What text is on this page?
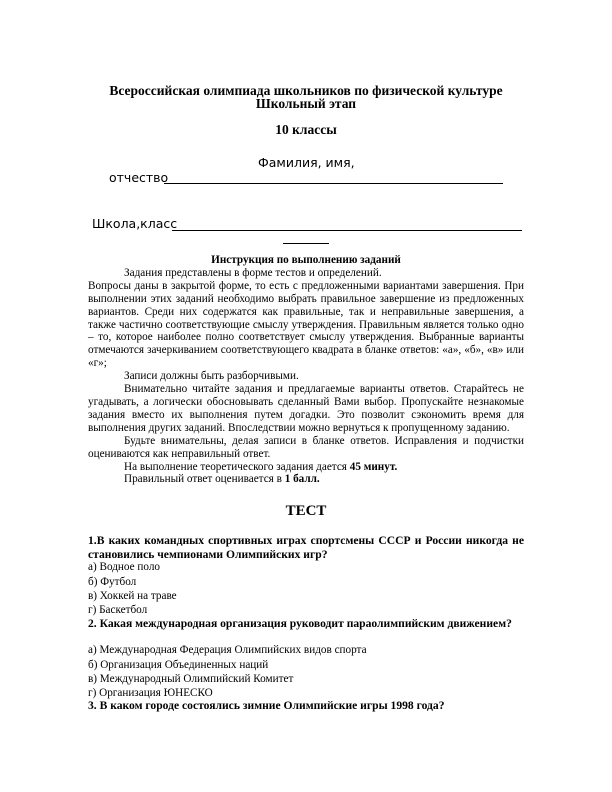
Всероссийская олимпиада школьников по физической культуре
Школьный этап
10 классы
Фамилия, имя,
отчество
Школа,класс

Инструкция по выполнению заданий

Задания представлены в форме тестов и определений.

Вопросы даны в закрытой форме, то есть с предложенными вариантами завершения. При выполнении этих заданий необходимо выбрать правильное завершение из предложенных вариантов. Среди них содержатся как правильные, так и неправильные завершения, а также частично соответствующие смыслу утверждения. Правильным является только одно – то, которое наиболее полно соответствует смыслу утверждения. Выбранные варианты отмечаются зачеркиванием соответствующего квадрата в бланке ответов: «а», «б», «в» или «г»;

Записи должны быть разборчивыми.

Внимательно читайте задания и предлагаемые варианты ответов. Старайтесь не угадывать, а логически обосновывать сделанный Вами выбор. Пропускайте незнакомые задания вместо их выполнения путем догадки. Это позволит сэкономить время для выполнения других заданий. Впоследствии можно вернуться к пропущенному заданию.

Будьте внимательны, делая записи в бланке ответов. Исправления и подчистки оцениваются как неправильный ответ.

На выполнение теоретического задания дается 45 минут.

Правильный ответ оценивается в 1 балл.

ТЕСТ
1.В каких командных спортивных играх спортсмены СССР и России никогда не становились чемпионами Олимпийских игр?
а) Водное поло
б) Футбол
в) Хоккей на траве
г) Баскетбол
2. Какая международная организация руководит параолимпийским движением?
а) Международная Федерация Олимпийских видов спорта
б) Организация Объединенных наций
в) Международный Олимпийский Комитет
г) Организация ЮНЕСКО
3. В каком городе состоялись зимние Олимпийские игры 1998 года?
